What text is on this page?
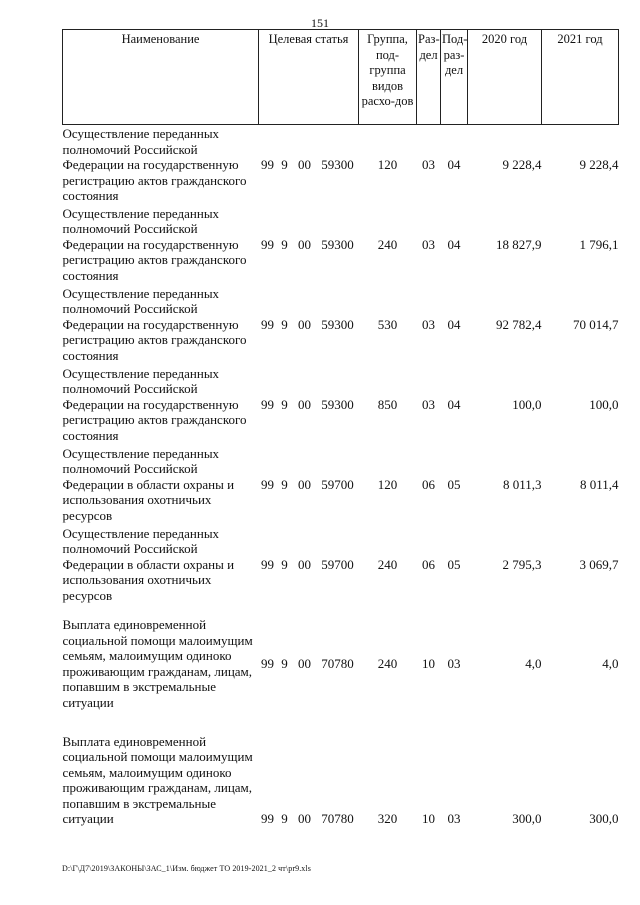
151
Наименование	Целевая статья				Группа, под-группа видов расхо-дов	Раз-дел	Под-раз-дел	2020 год	2021 год
Осуществление переданных полномочий Российской Федерации на государственную регистрацию актов гражданского состояния	99	9	00	59300	120	03	04	9 228,4	9 228,4
Осуществление переданных полномочий Российской Федерации на государственную регистрацию актов гражданского состояния	99	9	00	59300	240	03	04	18 827,9	1 796,1
Осуществление переданных полномочий Российской Федерации на государственную регистрацию актов гражданского состояния	99	9	00	59300	530	03	04	92 782,4	70 014,7
Осуществление переданных полномочий Российской Федерации на государственную регистрацию актов гражданского состояния	99	9	00	59300	850	03	04	100,0	100,0
Осуществление переданных полномочий Российской Федерации в области охраны и использования охотничьих ресурсов	99	9	00	59700	120	06	05	8 011,3	8 011,4
Осуществление переданных полномочий Российской Федерации в области охраны и использования охотничьих ресурсов	99	9	00	59700	240	06	05	2 795,3	3 069,7
Выплата единовременной социальной помощи малоимущим семьям, малоимущим одиноко проживающим гражданам, лицам, попавшим в экстремальные ситуации	99	9	00	70780	240	10	03	4,0	4,0
Выплата единовременной социальной помощи малоимущим семьям, малоимущим одиноко проживающим гражданам, лицам, попавшим в экстремальные ситуации	99	9	00	70780	320	10	03	300,0	300,0
D:\Г\Д7\2019\ЗАКОНЫ\ЗАС_1\Изм. бюджет ТО 2019-2021_2 чт\pr9.xls
